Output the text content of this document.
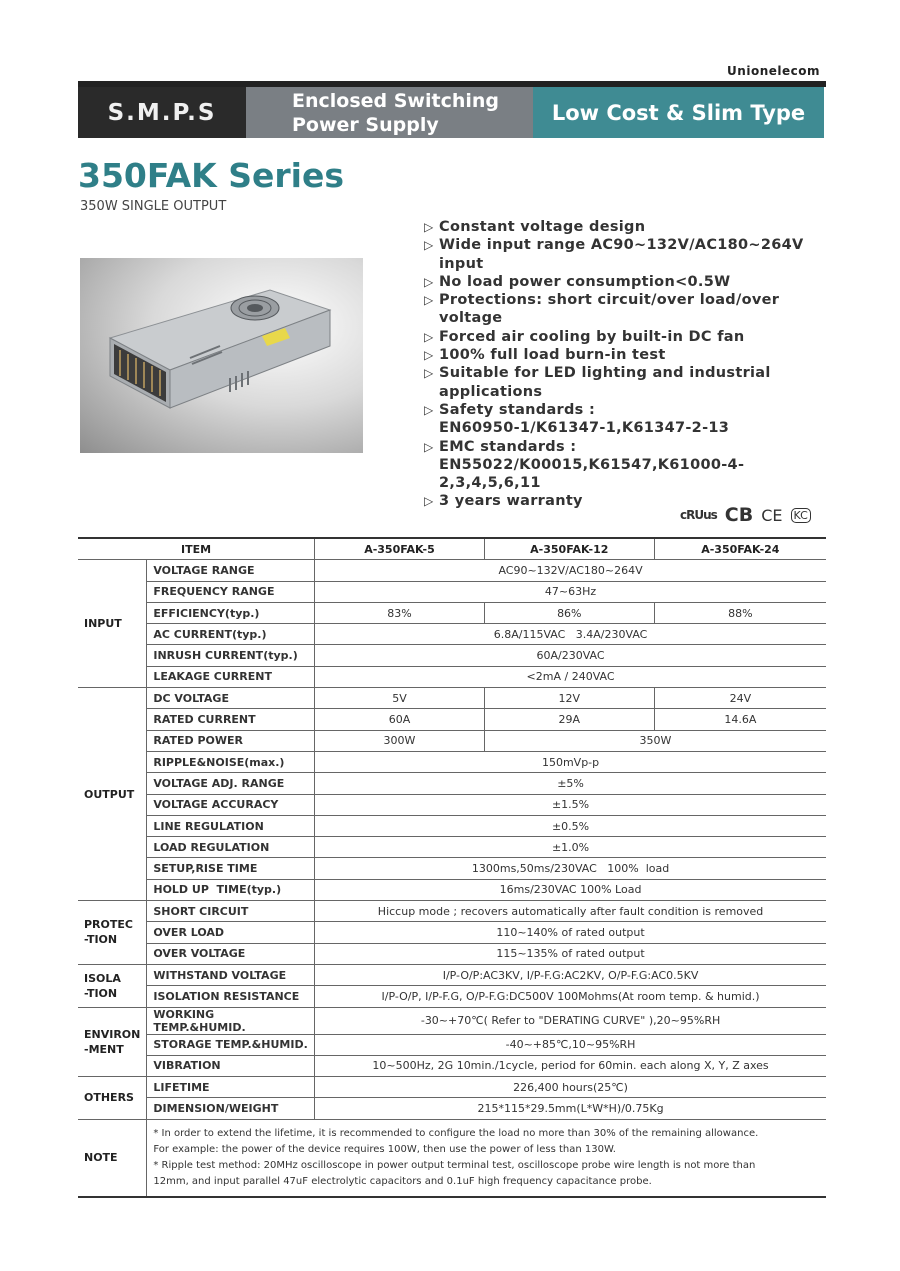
Unionelecom
S.M.P.S	Enclosed Switching
Power Supply	Low Cost & Slim Type
350FAK Series
350W SINGLE OUTPUT
▷ Constant voltage design
▷ Wide input range AC90~132V/AC180~264V input
▷ No load power consumption<0.5W
▷ Protections: short circuit/over load/over voltage
▷ Forced air cooling by built-in DC fan
▷ 100% full load burn-in test
▷ Suitable for LED lighting and industrial
applications
▷ Safety standards :
EN60950-1/K61347-1,K61347-2-13
▷ EMC standards :
EN55022/K00015,K61547,K61000-4-2,3,4,5,6,11
▷ 3 years warranty
cRUus CB CE KC
ITEM		A-350FAK-5	A-350FAK-12	A-350FAK-24
INPUT	VOLTAGE RANGE	AC90~132V/AC180~264V		
	FREQUENCY RANGE	47~63Hz		
	EFFICIENCY(typ.)	83%	86%	88%
	AC CURRENT(typ.)	6.8A/115VAC   3.4A/230VAC		
	INRUSH CURRENT(typ.)	60A/230VAC		
	LEAKAGE CURRENT	<2mA / 240VAC		
OUTPUT	DC VOLTAGE	5V	12V	24V
	RATED CURRENT	60A	29A	14.6A
	RATED POWER	300W	350W	
	RIPPLE&NOISE(max.)	150mVp-p		
	VOLTAGE ADJ. RANGE	±5%		
	VOLTAGE ACCURACY	±1.5%		
	LINE REGULATION	±0.5%		
	LOAD REGULATION	±1.0%		
	SETUP,RISE TIME	1300ms,50ms/230VAC   100%  load		
	HOLD UP  TIME(typ.)	16ms/230VAC 100% Load		
PROTEC
-TION	SHORT CIRCUIT	Hiccup mode ; recovers automatically after fault condition is removed		
	OVER LOAD	110~140% of rated output		
	OVER VOLTAGE	115~135% of rated output		
ISOLA
-TION	WITHSTAND VOLTAGE	I/P-O/P:AC3KV, I/P-F.G:AC2KV, O/P-F.G:AC0.5KV		
	ISOLATION RESISTANCE	I/P-O/P, I/P-F.G, O/P-F.G:DC500V 100Mohms(At room temp. & humid.)		
ENVIRON
-MENT	WORKING TEMP.&HUMID.	-30~+70℃( Refer to "DERATING CURVE" ),20~95%RH		
	STORAGE TEMP.&HUMID.	-40~+85℃,10~95%RH		
	VIBRATION	10~500Hz, 2G 10min./1cycle, period for 60min. each along X, Y, Z axes		
OTHERS	LIFETIME	226,400 hours(25℃)		
	DIMENSION/WEIGHT	215*115*29.5mm(L*W*H)/0.75Kg		
NOTE	* In order to extend the lifetime, it is recommended to configure the load no more than 30% of the remaining allowance.
For example: the power of the device requires 100W, then use the power of less than 130W.
* Ripple test method: 20MHz oscilloscope in power output terminal test, oscilloscope probe wire length is not more than
12mm, and input parallel 47uF electrolytic capacitors and 0.1uF high frequency capacitance probe.			
